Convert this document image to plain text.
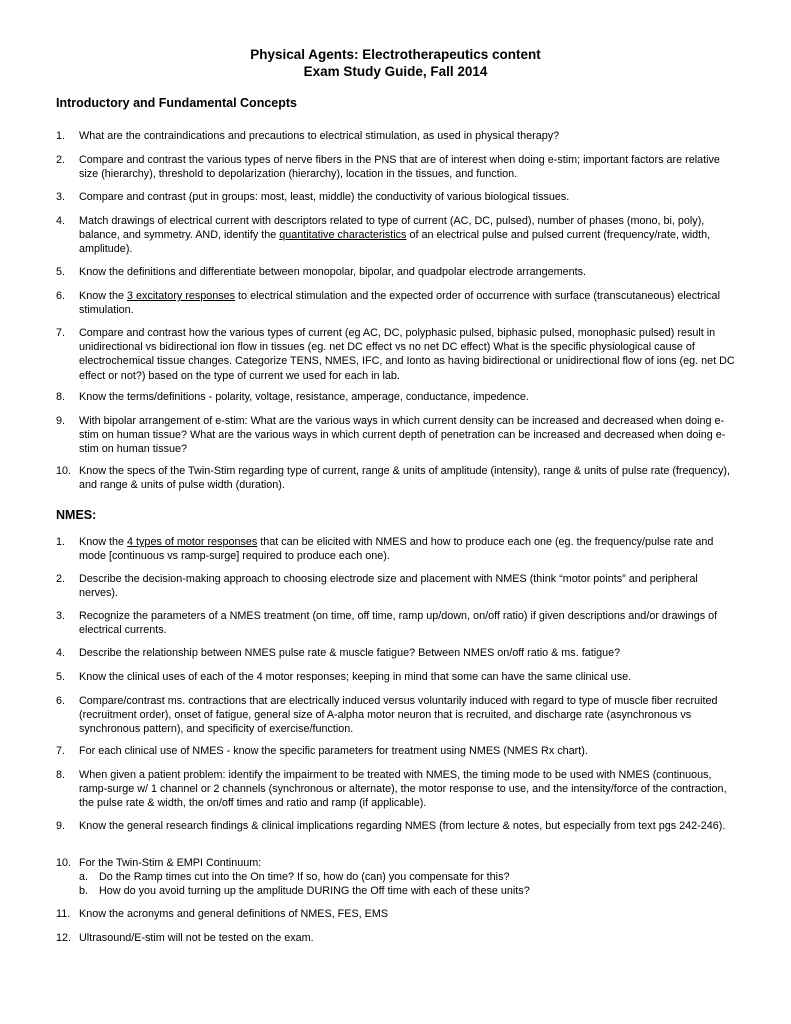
Physical Agents: Electrotherapeutics content
Exam Study Guide, Fall 2014
Introductory and Fundamental Concepts
1.	What are the contraindications and precautions to electrical stimulation, as used in physical therapy?
2.	Compare and contrast the various types of nerve fibers in the PNS that are of interest when doing e-stim; important factors are relative size (hierarchy), threshold to depolarization (hierarchy), location in the tissues, and function.
3.	Compare and contrast (put in groups: most, least, middle) the conductivity of various biological tissues.
4.	Match drawings of electrical current with descriptors related to type of current (AC, DC, pulsed), number of phases (mono, bi, poly), balance, and symmetry. AND, identify the quantitative characteristics of an electrical pulse and pulsed current (frequency/rate, width, amplitude).
5.	Know the definitions and differentiate between monopolar, bipolar, and quadpolar electrode arrangements.
6.	Know the 3 excitatory responses to electrical stimulation and the expected order of occurrence with surface (transcutaneous) electrical stimulation.
7.	Compare and contrast how the various types of current (eg AC, DC, polyphasic pulsed, biphasic pulsed, monophasic pulsed) result in unidirectional vs bidirectional ion flow in tissues (eg. net DC effect vs no net DC effect) What is the specific physiological cause of electrochemical tissue changes. Categorize TENS, NMES, IFC, and Ionto as having bidirectional or unidirectional flow of ions (eg. net DC effect or not?) based on the type of current we used for each in lab.
8.	Know the terms/definitions - polarity, voltage, resistance, amperage, conductance, impedence.
9.	With bipolar arrangement of e-stim: What are the various ways in which current density can be increased and decreased when doing e-stim on human tissue? What are the various ways in which current depth of penetration can be increased and decreased when doing e-stim on human tissue?
10. Know the specs of the Twin-Stim regarding type of current, range & units of amplitude (intensity), range & units of pulse rate (frequency), and range & units of pulse width (duration).
NMES:
1.	Know the 4 types of motor responses that can be elicited with NMES and how to produce each one (eg. the frequency/pulse rate and mode [continuous vs ramp-surge] required to produce each one).
2.	Describe the decision-making approach to choosing electrode size and placement with NMES (think “motor points” and peripheral nerves).
3.	Recognize the parameters of a NMES treatment (on time, off time, ramp up/down, on/off ratio) if given descriptions and/or drawings of electrical currents.
4.	Describe the relationship between NMES pulse rate & muscle fatigue? Between NMES on/off ratio & ms. fatigue?
5.	Know the clinical uses of each of the 4 motor responses; keeping in mind that some can have the same clinical use.
6.	Compare/contrast ms. contractions that are electrically induced versus voluntarily induced with regard to type of muscle fiber recruited (recruitment order), onset of fatigue, general size of A-alpha motor neuron that is recruited, and discharge rate (asynchronous vs synchronous pattern), and specificity of exercise/function.
7.	For each clinical use of NMES - know the specific parameters for treatment using NMES (NMES Rx chart).
8.	When given a patient problem: identify the impairment to be treated with NMES, the timing mode to be used with NMES (continuous, ramp-surge w/ 1 channel or 2 channels (synchronous or alternate), the motor response to use, and the intensity/force of the contraction, the pulse rate & width, the on/off times and ratio and ramp (if applicable).
9.	Know the general research findings & clinical implications regarding NMES (from lecture & notes, but especially from text pgs 242-246).
10. For the Twin-Stim & EMPI Continuum:
a. Do the Ramp times cut into the On time? If so, how do (can) you compensate for this?
b. How do you avoid turning up the amplitude DURING the Off time with each of these units?
11. Know the acronyms and general definitions of NMES, FES, EMS
12. Ultrasound/E-stim will not be tested on the exam.
